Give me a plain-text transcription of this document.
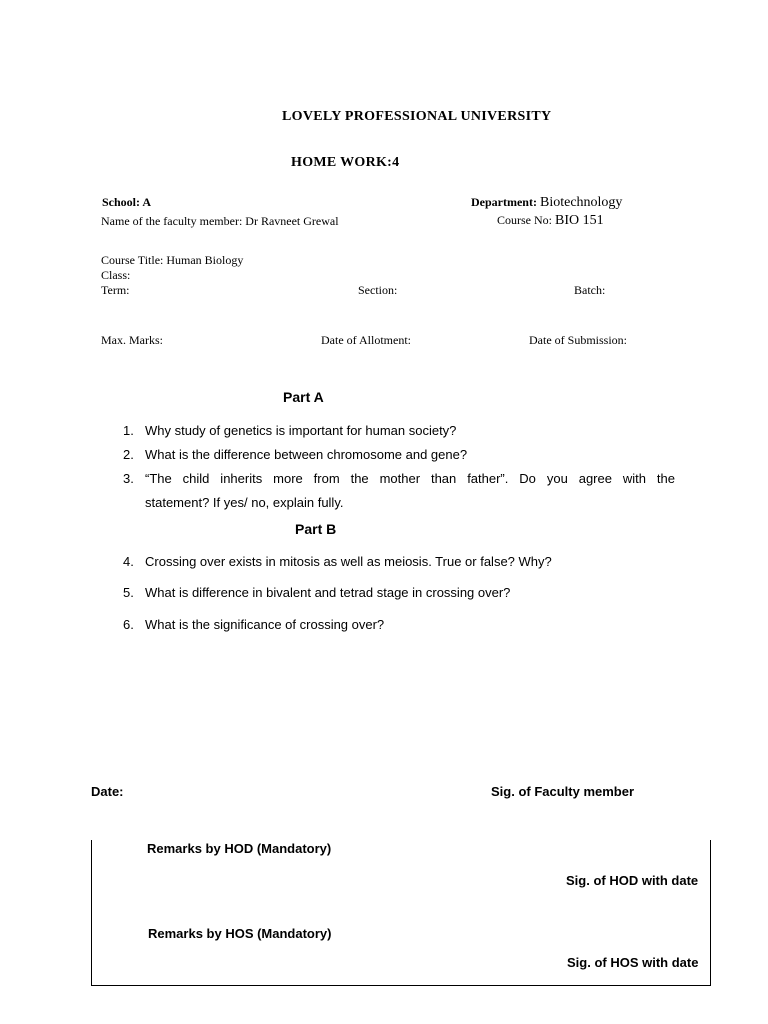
LOVELY PROFESSIONAL UNIVERSITY
HOME WORK:4
School: A	Department: Biotechnology
Name of the faculty member: Dr Ravneet Grewal	Course No: BIO 151
Course Title: Human Biology
Class:
Term:	Section:	Batch:
Max. Marks:	Date of Allotment:	Date of Submission:
Part A
1. Why study of genetics is important for human society?
2. What is the difference between chromosome and gene?
3. “The child inherits more from the mother than father”. Do you agree with the
statement? If yes/ no, explain fully.
Part B
4. Crossing over exists in mitosis as well as meiosis. True or false? Why?
5. What is difference in bivalent and tetrad stage in crossing over?
6. What is the significance of crossing over?
Date:	Sig. of Faculty member
Remarks by HOD (Mandatory)
Sig. of HOD with date
Remarks by HOS (Mandatory)
Sig. of HOS with date
